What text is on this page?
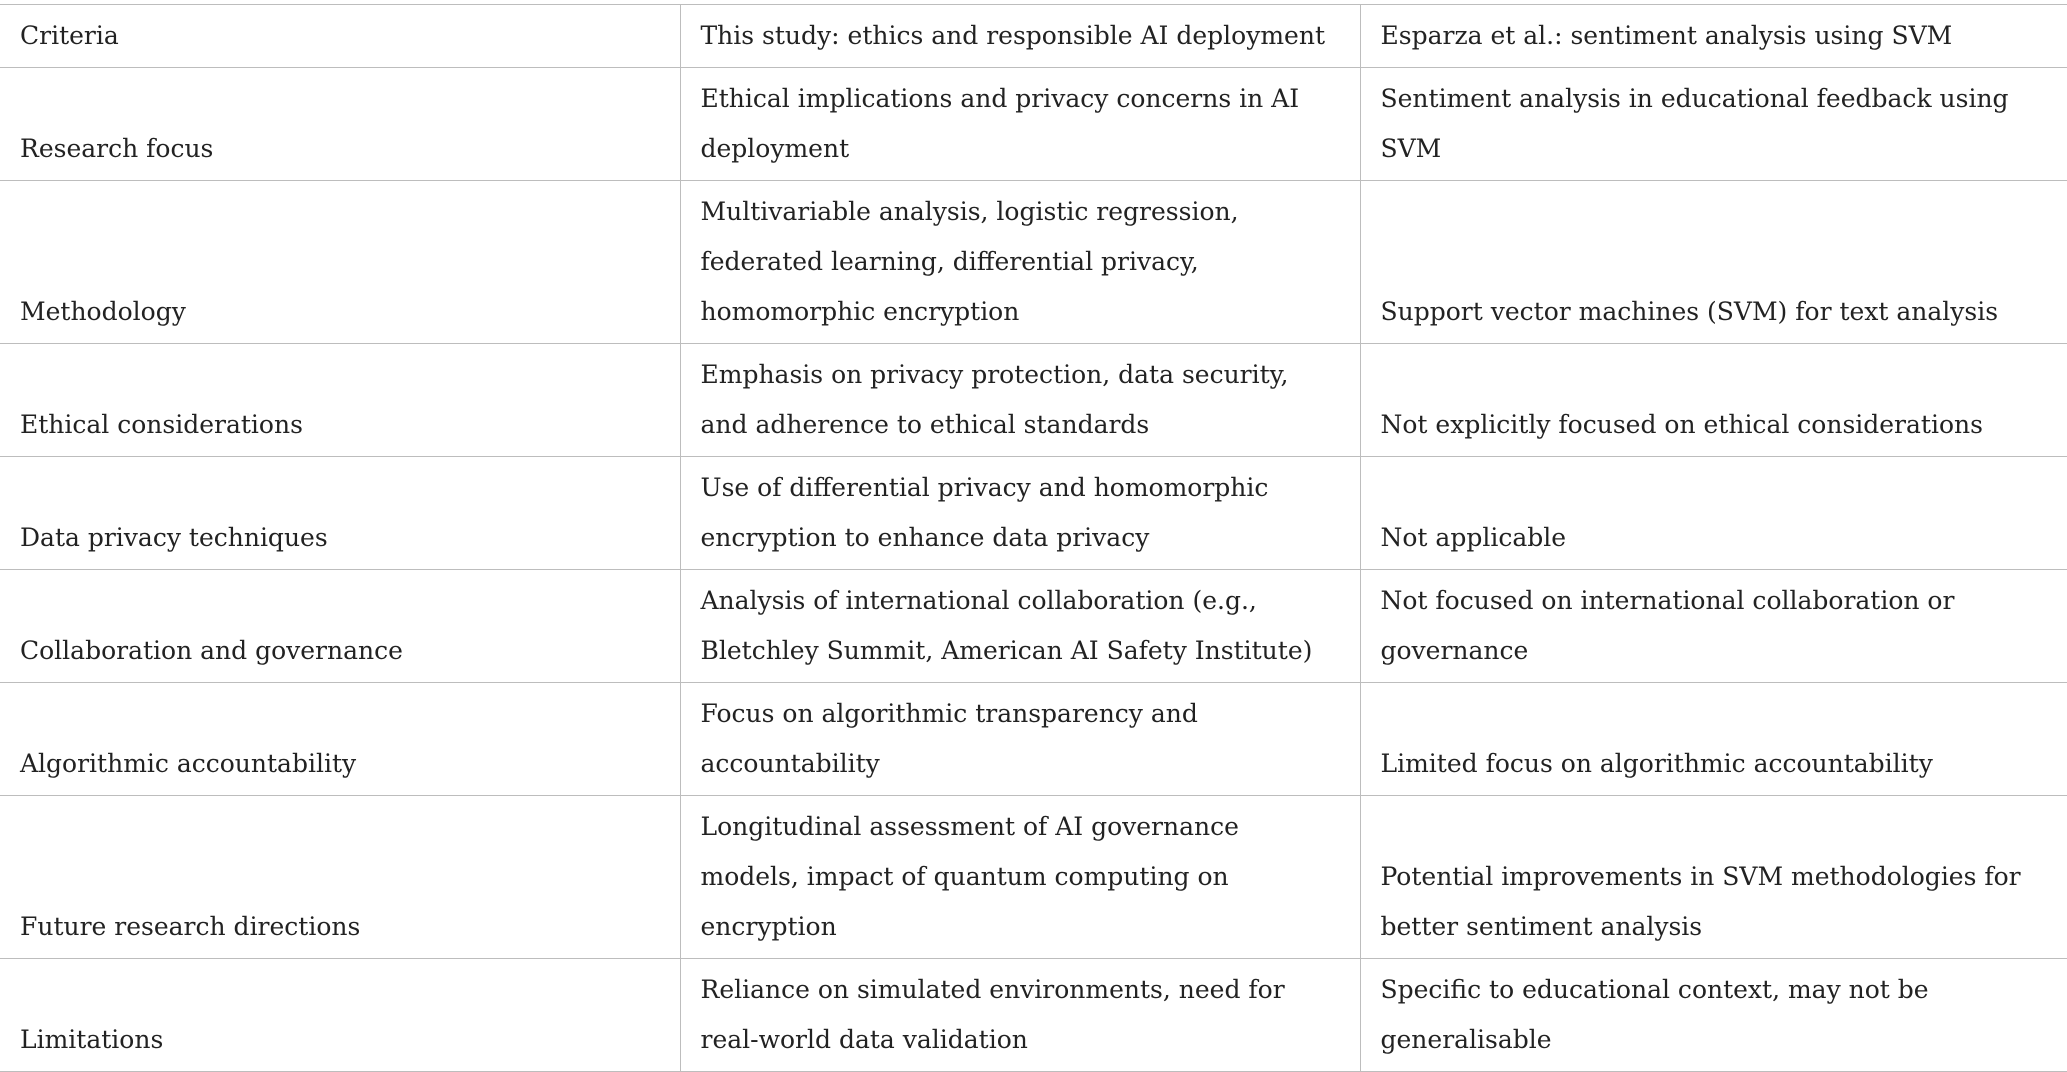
Criteria	This study: ethics and responsible AI deployment	Esparza et al.: sentiment analysis using SVM
Research focus	Ethical implications and privacy concerns in AI deployment	Sentiment analysis in educational feedback using SVM
Methodology	Multivariable analysis, logistic regression, federated learning, differential privacy, homomorphic encryption	Support vector machines (SVM) for text analysis
Ethical considerations	Emphasis on privacy protection, data security, and adherence to ethical standards	Not explicitly focused on ethical considerations
Data privacy techniques	Use of differential privacy and homomorphic encryption to enhance data privacy	Not applicable
Collaboration and governance	Analysis of international collaboration (e.g., Bletchley Summit, American AI Safety Institute)	Not focused on international collaboration or governance
Algorithmic accountability	Focus on algorithmic transparency and accountability	Limited focus on algorithmic accountability
Future research directions	Longitudinal assessment of AI governance models, impact of quantum computing on encryption	Potential improvements in SVM methodologies for better sentiment analysis
Limitations	Reliance on simulated environments, need for real-world data validation	Specific to educational context, may not be generalisable
